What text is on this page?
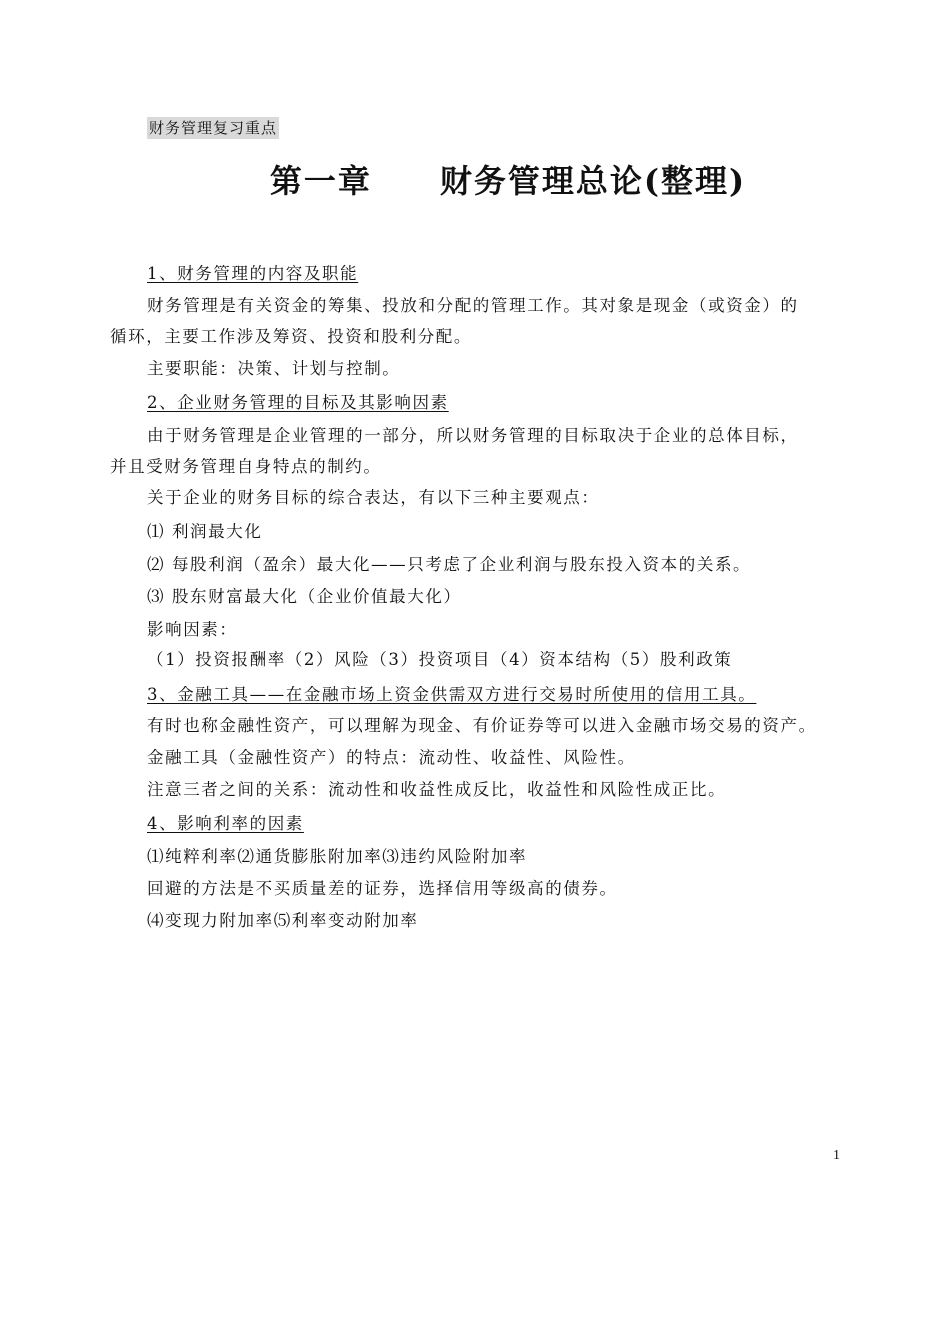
财务管理复习重点
第一章　　财务管理总论(整理)
1、财务管理的内容及职能
财务管理是有关资金的筹集、投放和分配的管理工作。其对象是现金（或资金）的
循环，主要工作涉及筹资、投资和股利分配。
主要职能：决策、计划与控制。
2、企业财务管理的目标及其影响因素
由于财务管理是企业管理的一部分，所以财务管理的目标取决于企业的总体目标，
并且受财务管理自身特点的制约。
关于企业的财务目标的综合表达，有以下三种主要观点：
⑴ 利润最大化
⑵ 每股利润（盈余）最大化——只考虑了企业利润与股东投入资本的关系。
⑶ 股东财富最大化（企业价值最大化）
影响因素：
（1）投资报酬率（2）风险（3）投资项目（4）资本结构（5）股利政策
3、金融工具——在金融市场上资金供需双方进行交易时所使用的信用工具。
有时也称金融性资产，可以理解为现金、有价证券等可以进入金融市场交易的资产。
金融工具（金融性资产）的特点：流动性、收益性、风险性。
注意三者之间的关系：流动性和收益性成反比，收益性和风险性成正比。
4、影响利率的因素
⑴纯粹利率⑵通货膨胀附加率⑶违约风险附加率
回避的方法是不买质量差的证券，选择信用等级高的债券。
⑷变现力附加率⑸利率变动附加率
1
